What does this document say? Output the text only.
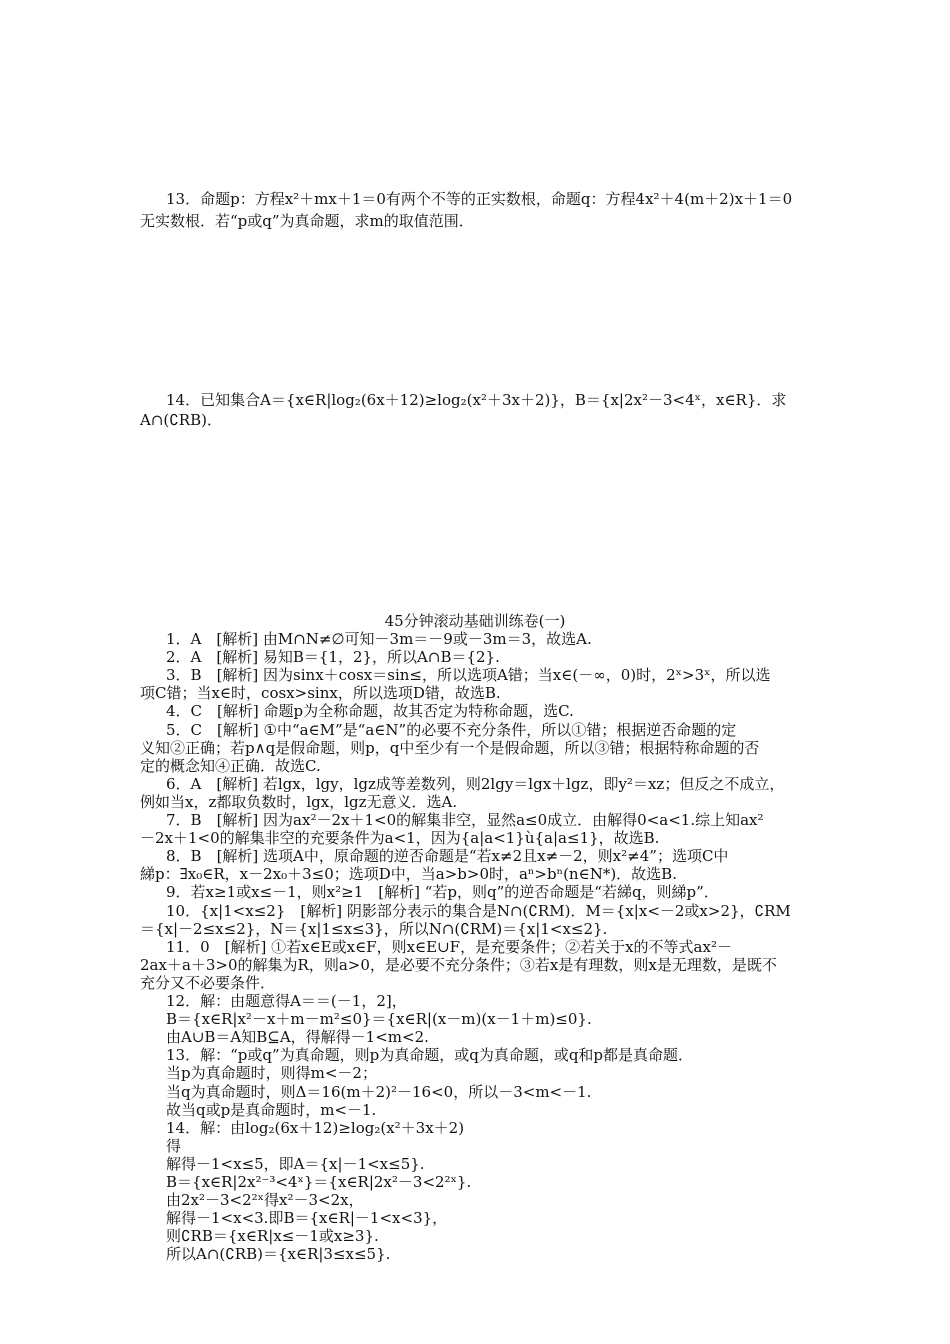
13．命题p：方程x²＋mx＋1＝0有两个不等的正实数根，命题q：方程4x²＋4(m＋2)x＋1＝0
无实数根．若“p或q”为真命题，求m的取值范围．
14．已知集合A＝{x∈R|log₂(6x＋12)≥log₂(x²＋3x＋2)}，B＝{x|2x²－3<4ˣ，x∈R}．求
A∩(∁RB)．
45分钟滚动基础训练卷(一)
1．A　[解析] 由M∩N≠∅可知－3m＝－9或－3m＝3，故选A.
2．A　[解析] 易知B＝{1，2}，所以A∩B＝{2}.
3．B　[解析] 因为sinx＋cosx＝sin≤，所以选项A错；当x∈(－∞，0)时，2ˣ>3ˣ，所以选
项C错；当x∈时，cosx>sinx，所以选项D错，故选B.
4．C　[解析] 命题p为全称命题，故其否定为特称命题，选C.
5．C　[解析] ①中“a∈M”是“a∈N”的必要不充分条件，所以①错；根据逆否命题的定
义知②正确；若p∧q是假命题，则p，q中至少有一个是假命题，所以③错；根据特称命题的否
定的概念知④正确．故选C.
6．A　[解析] 若lgx，lgy，lgz成等差数列，则2lgy＝lgx＋lgz，即y²＝xz；但反之不成立，
例如当x，z都取负数时，lgx，lgz无意义．选A.
7．B　[解析] 因为ax²－2x＋1<0的解集非空，显然a≤0成立．由解得0<a<1.综上知ax²
－2x＋1<0的解集非空的充要条件为a<1，因为{a|a<1}ù{a|a≤1}，故选B.
8．B　[解析] 选项A中，原命题的逆否命题是“若x≠2且x≠－2，则x²≠4”；选项C中
綈p：∃x₀∈R，x－2x₀＋3≤0；选项D中，当a>b>0时，aⁿ>bⁿ(n∈N*)．故选B.
9．若x≥1或x≤－1，则x²≥1　[解析] “若p，则q”的逆否命题是“若綈q，则綈p”．
10．{x|1<x≤2}　[解析] 阴影部分表示的集合是N∩(∁RM)．M＝{x|x<－2或x>2}，∁RM
＝{x|－2≤x≤2}，N＝{x|1≤x≤3}，所以N∩(∁RM)＝{x|1<x≤2}.
11．0　[解析] ①若x∈E或x∈F，则x∈E∪F，是充要条件；②若关于x的不等式ax²－
2ax＋a＋3>0的解集为R，则a>0，是必要不充分条件；③若x是有理数，则x是无理数，是既不
充分又不必要条件．
12．解：由题意得A＝＝(－1，2]，
B＝{x∈R|x²－x＋m－m²≤0}＝{x∈R|(x－m)(x－1＋m)≤0}.
由A∪B＝A知B⊆A，得解得－1<m<2.
13．解：“p或q”为真命题，则p为真命题，或q为真命题，或q和p都是真命题．
当p为真命题时，则得m<－2；
当q为真命题时，则Δ＝16(m＋2)²－16<0，所以－3<m<－1.
故当q或p是真命题时，m<－1.
14．解：由log₂(6x＋12)≥log₂(x²＋3x＋2)
得
解得－1<x≤5，即A＝{x|－1<x≤5}.
B＝{x∈R|2x²⁻³<4ˣ}＝{x∈R|2x²－3<2²ˣ}.
由2x²－3<2²ˣ得x²－3<2x，
解得－1<x<3.即B＝{x∈R|－1<x<3}，
则∁RB＝{x∈R|x≤－1或x≥3}.
所以A∩(∁RB)＝{x∈R|3≤x≤5}.
